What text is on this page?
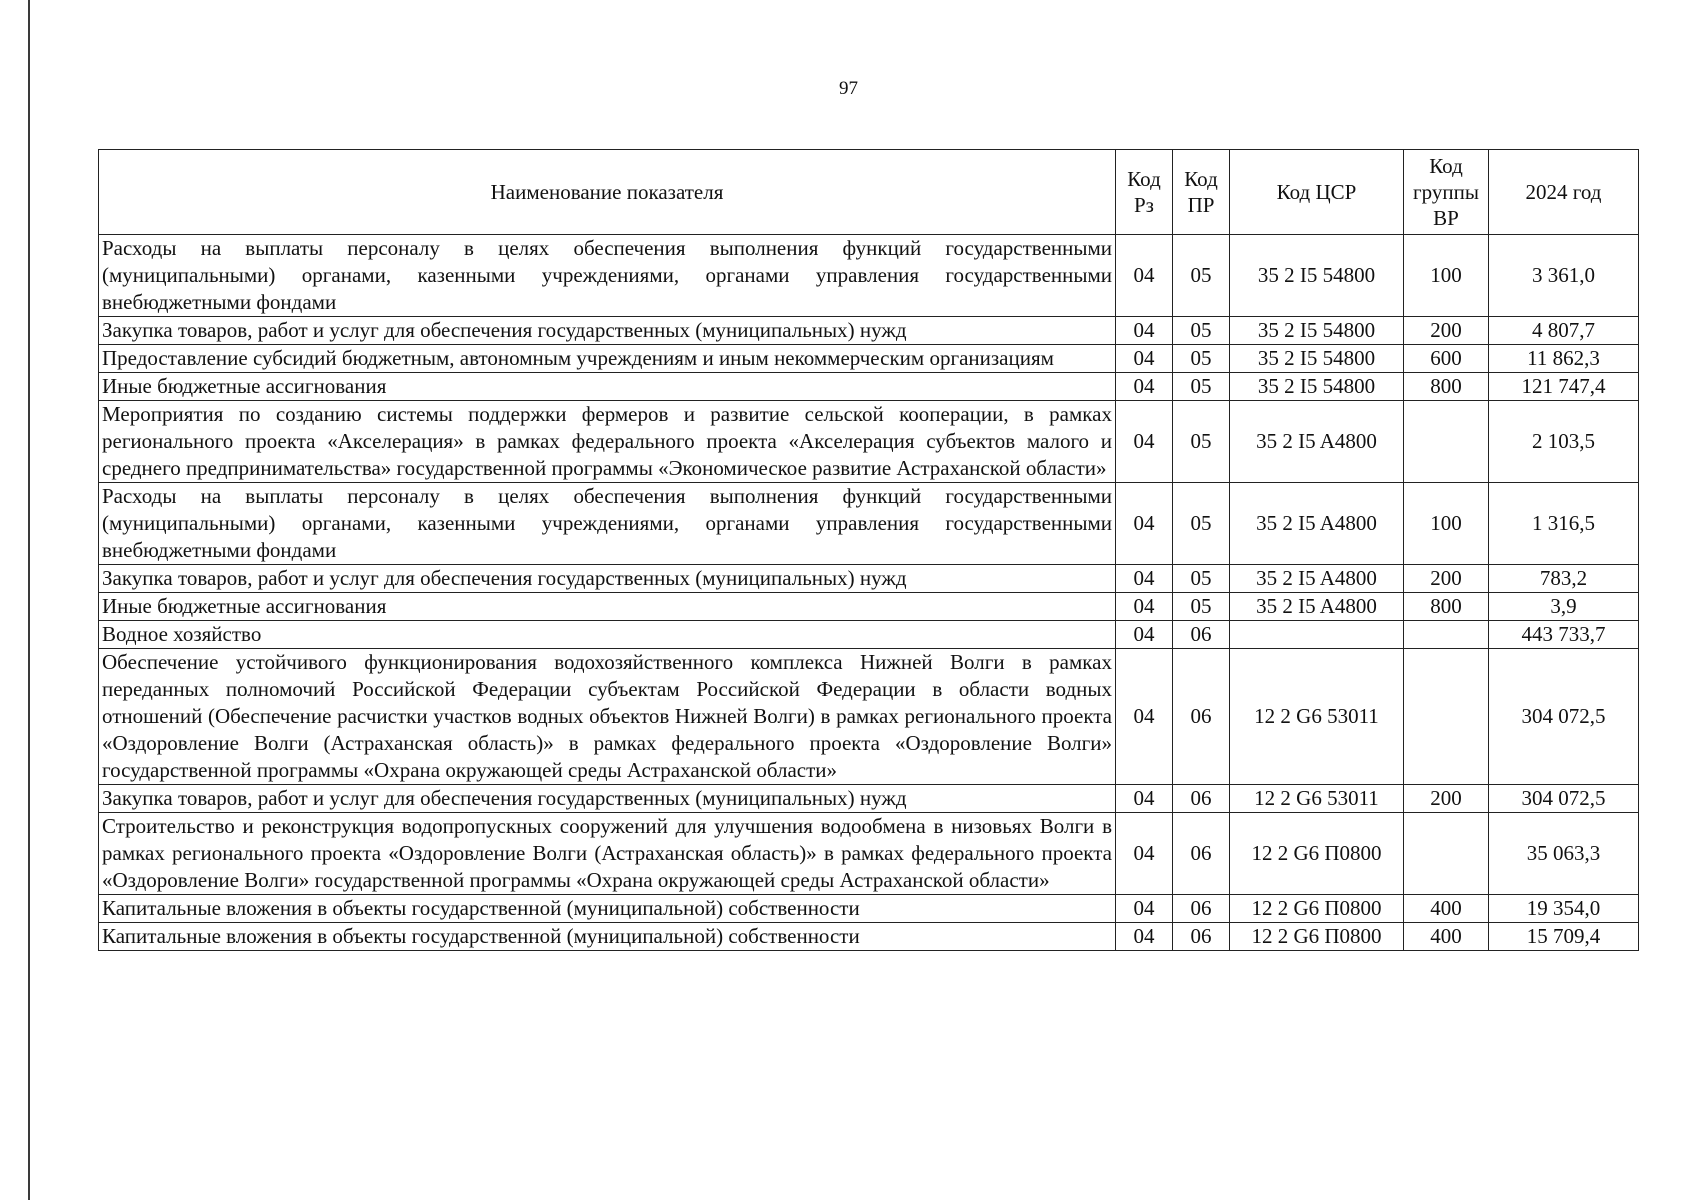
97
Наименование показателя	Код Рз	Код ПР	Код ЦСР	Код группы ВР	2024 год
Расходы на выплаты персоналу в целях обеспечения выполнения функций государственными (муниципальными) органами, казенными учреждениями, органами управления государственными внебюджетными фондами	04	05	35 2 I5 54800	100	3 361,0
Закупка товаров, работ и услуг для обеспечения государственных (муниципальных) нужд	04	05	35 2 I5 54800	200	4 807,7
Предоставление субсидий бюджетным, автономным учреждениям и иным некоммерческим организациям	04	05	35 2 I5 54800	600	11 862,3
Иные бюджетные ассигнования	04	05	35 2 I5 54800	800	121 747,4
Мероприятия по созданию системы поддержки фермеров и развитие сельской кооперации, в рамках регионального проекта «Акселерация» в рамках федерального проекта «Акселерация субъектов малого и среднего предпринимательства» государственной программы «Экономическое развитие Астраханской области»	04	05	35 2 I5 A4800		2 103,5
Расходы на выплаты персоналу в целях обеспечения выполнения функций государственными (муниципальными) органами, казенными учреждениями, органами управления государственными внебюджетными фондами	04	05	35 2 I5 A4800	100	1 316,5
Закупка товаров, работ и услуг для обеспечения государственных (муниципальных) нужд	04	05	35 2 I5 A4800	200	783,2
Иные бюджетные ассигнования	04	05	35 2 I5 A4800	800	3,9
Водное хозяйство	04	06			443 733,7
Обеспечение устойчивого функционирования водохозяйственного комплекса Нижней Волги в рамках переданных полномочий Российской Федерации субъектам Российской Федерации в области водных отношений (Обеспечение расчистки участков водных объектов Нижней Волги) в рамках регионального проекта «Оздоровление Волги (Астраханская область)» в рамках федерального проекта «Оздоровление Волги» государственной программы «Охрана окружающей среды Астраханской области»	04	06	12 2 G6 53011		304 072,5
Закупка товаров, работ и услуг для обеспечения государственных (муниципальных) нужд	04	06	12 2 G6 53011	200	304 072,5
Строительство и реконструкция водопропускных сооружений для улучшения водообмена в низовьях Волги в рамках регионального проекта «Оздоровление Волги (Астраханская область)» в рамках федерального проекта «Оздоровление Волги» государственной программы «Охрана окружающей среды Астраханской области»	04	06	12 2 G6 П0800		35 063,3
Капитальные вложения в объекты государственной (муниципальной) собственности	04	06	12 2 G6 П0800	400	19 354,0
Капитальные вложения в объекты государственной (муниципальной) собственности	04	06	12 2 G6 П0800	400	15 709,4
